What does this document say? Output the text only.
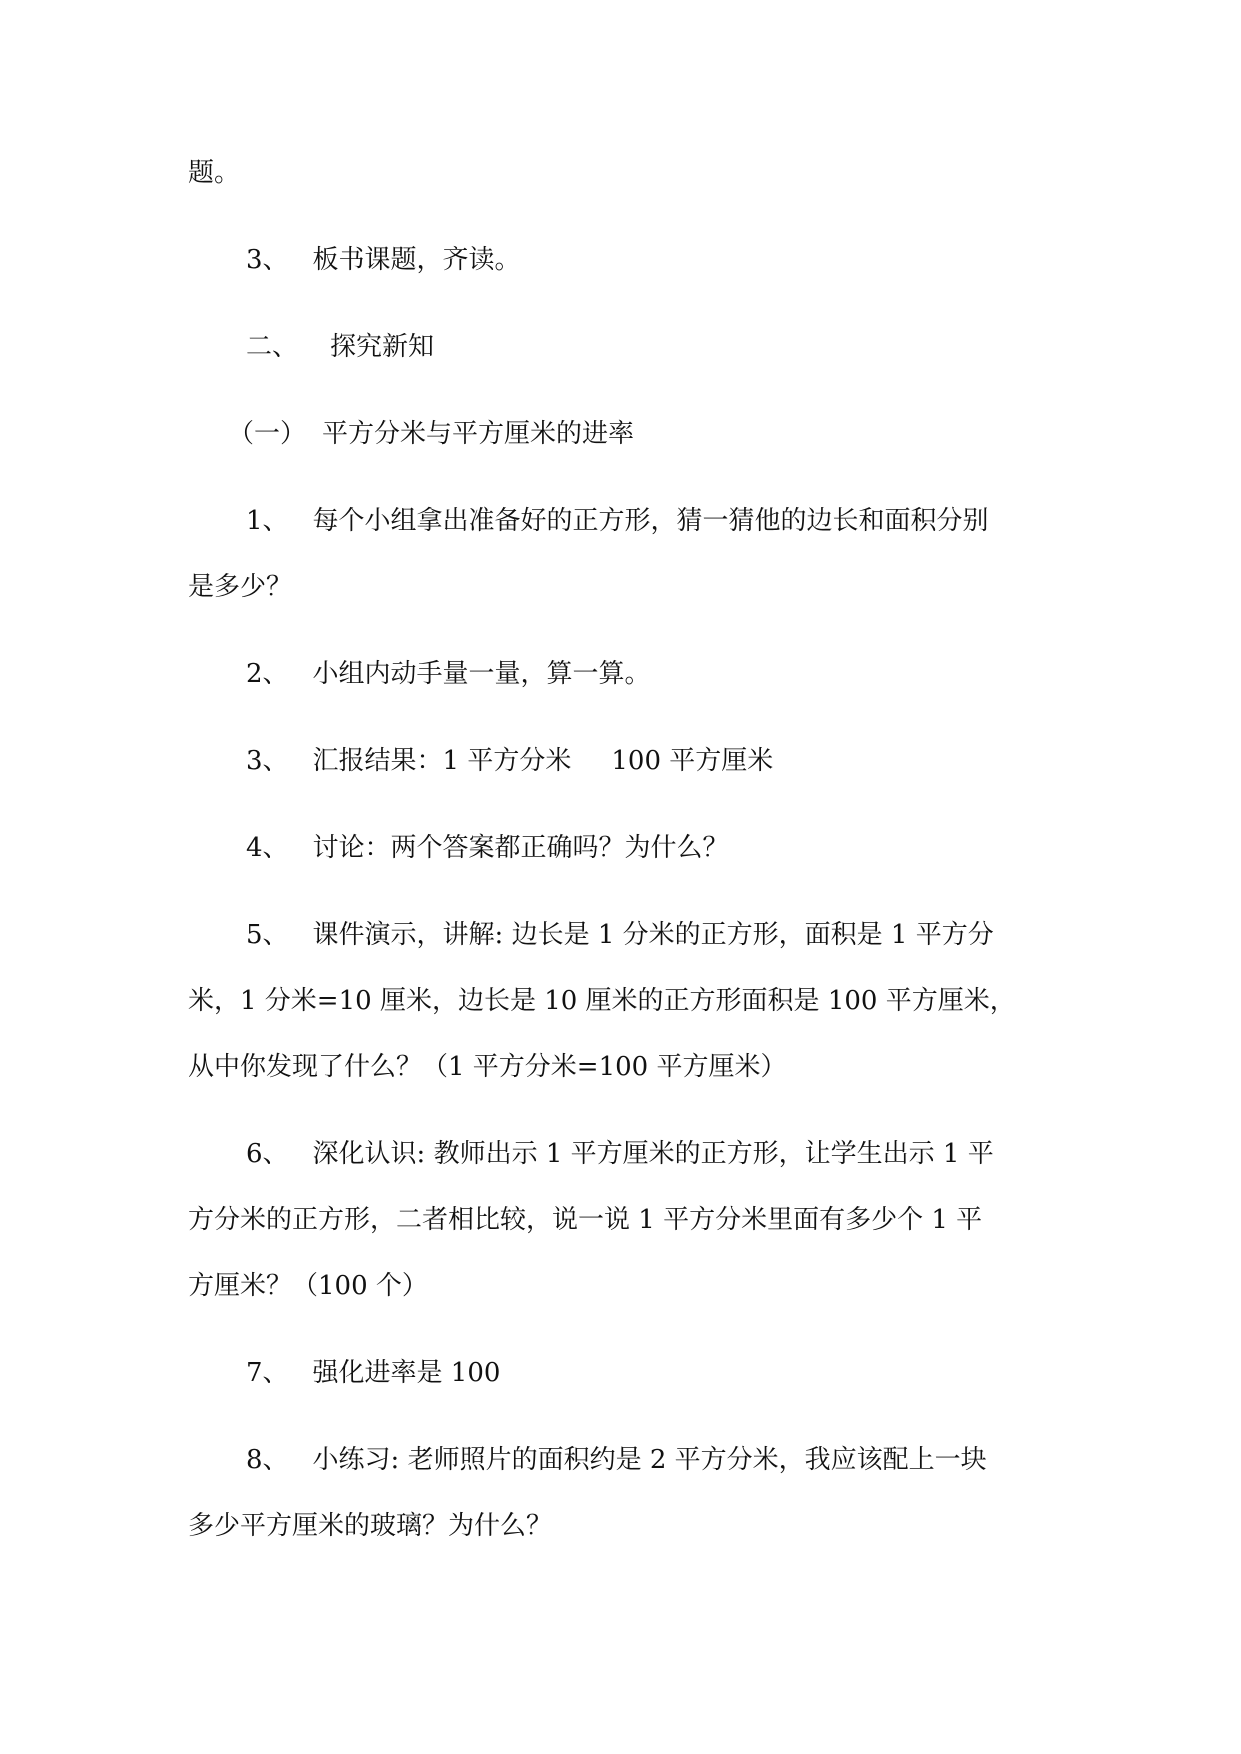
题。
3、 板书课题，齐读。
二、 探究新知
（一） 平方分米与平方厘米的进率
1、 每个小组拿出准备好的正方形，猜一猜他的边长和面积分别
是多少？
2、 小组内动手量一量，算一算。
3、 汇报结果：1 平方分米 100 平方厘米
4、 讨论：两个答案都正确吗？为什么？
5、 课件演示，讲解: 边长是 1 分米的正方形，面积是 1 平方分
米，1 分米=10 厘米，边长是 10 厘米的正方形面积是 100 平方厘米，
从中你发现了什么？（1 平方分米=100 平方厘米）
6、 深化认识: 教师出示 1 平方厘米的正方形，让学生出示 1 平
方分米的正方形，二者相比较，说一说 1 平方分米里面有多少个 1 平
方厘米？（100 个）
7、 强化进率是 100
8、 小练习: 老师照片的面积约是 2 平方分米，我应该配上一块
多少平方厘米的玻璃？为什么？
